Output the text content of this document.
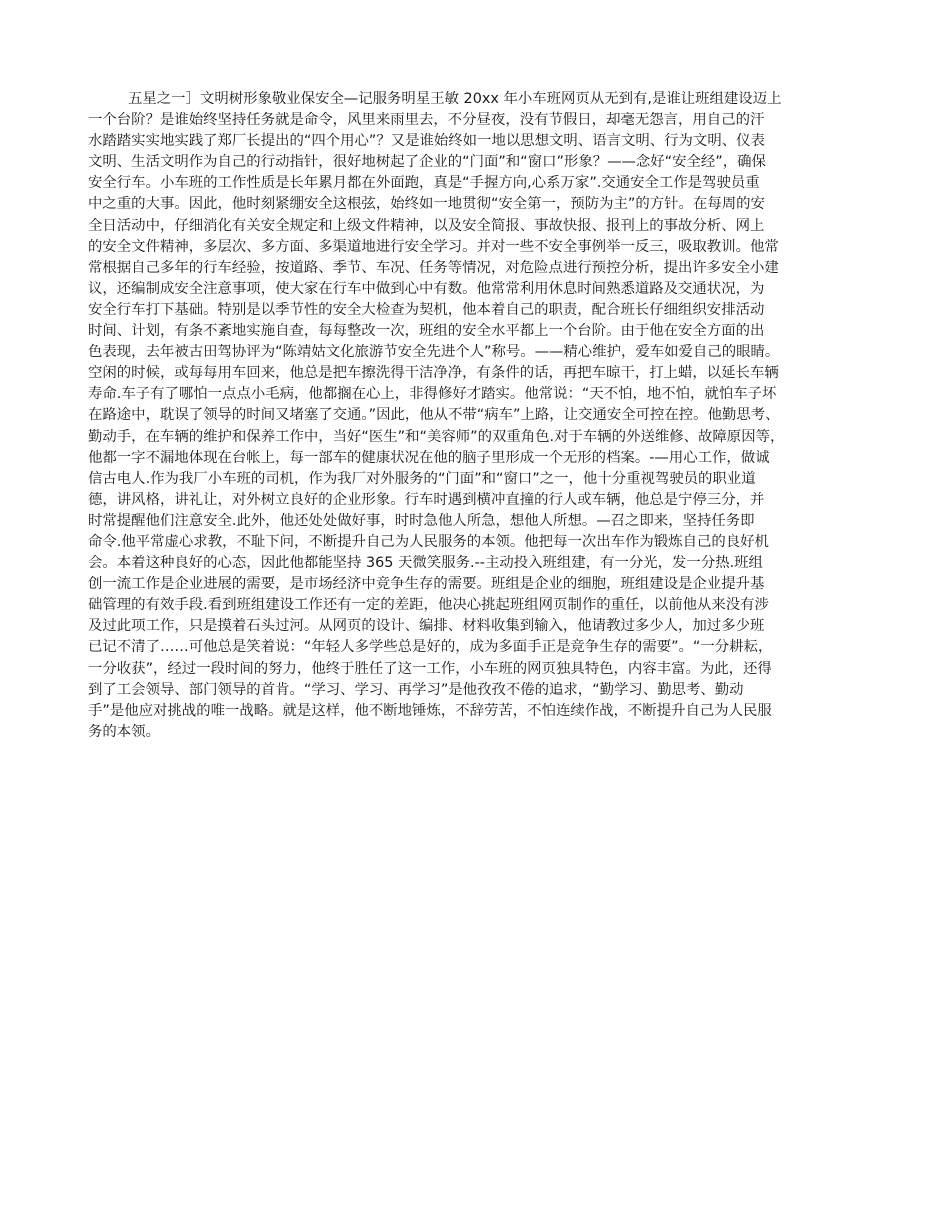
五星之一］文明树形象敬业保安全—记服务明星王敏 20xx 年小车班网页从无到有,是谁让班组建设迈上
一个台阶？是谁始终坚持任务就是命令，风里来雨里去，不分昼夜，没有节假日，却毫无怨言，用自己的汗
水踏踏实实地实践了郑厂长提出的“四个用心”？又是谁始终如一地以思想文明、语言文明、行为文明、仪表
文明、生活文明作为自己的行动指针，很好地树起了企业的“门面”和“窗口”形象？——念好“安全经”，确保
安全行车。小车班的工作性质是长年累月都在外面跑，真是“手握方向,心系万家”.交通安全工作是驾驶员重
中之重的大事。因此，他时刻紧绷安全这根弦，始终如一地贯彻“安全第一，预防为主”的方针。在每周的安
全日活动中，仔细消化有关安全规定和上级文件精神，以及安全简报、事故快报、报刊上的事故分析、网上
的安全文件精神，多层次、多方面、多渠道地进行安全学习。并对一些不安全事例举一反三，吸取教训。他常
常根据自己多年的行车经验，按道路、季节、车况、任务等情况，对危险点进行预控分析，提出许多安全小建
议，还编制成安全注意事项，使大家在行车中做到心中有数。他常常利用休息时间熟悉道路及交通状况，为
安全行车打下基础。特别是以季节性的安全大检查为契机，他本着自己的职责，配合班长仔细组织安排活动
时间、计划，有条不紊地实施自查，每每整改一次，班组的安全水平都上一个台阶。由于他在安全方面的出
色表现，去年被古田驾协评为“陈靖姑文化旅游节安全先进个人”称号。——精心维护，爱车如爱自己的眼睛。
空闲的时候，或每每用车回来，他总是把车擦洗得干洁净净，有条件的话，再把车晾干，打上蜡，以延长车辆
寿命.车子有了哪怕一点点小毛病，他都搁在心上，非得修好才踏实。他常说：“天不怕，地不怕，就怕车子坏
在路途中，耽误了领导的时间又堵塞了交通。”因此，他从不带“病车”上路，让交通安全可控在控。他勤思考、
勤动手，在车辆的维护和保养工作中，当好“医生”和“美容师”的双重角色.对于车辆的外送维修、故障原因等，
他都一字不漏地体现在台帐上，每一部车的健康状况在他的脑子里形成一个无形的档案。-—用心工作，做诚
信古电人.作为我厂小车班的司机，作为我厂对外服务的“门面”和“窗口”之一，他十分重视驾驶员的职业道
德，讲风格，讲礼让，对外树立良好的企业形象。行车时遇到横冲直撞的行人或车辆，他总是宁停三分，并
时常提醒他们注意安全.此外，他还处处做好事，时时急他人所急，想他人所想。—召之即来，坚持任务即
命令.他平常虚心求教，不耻下问，不断提升自己为人民服务的本领。他把每一次出车作为锻炼自己的良好机
会。本着这种良好的心态，因此他都能坚持 365 天微笑服务.--主动投入班组建，有一分光，发一分热.班组
创一流工作是企业进展的需要，是市场经济中竞争生存的需要。班组是企业的细胞，班组建设是企业提升基
础管理的有效手段.看到班组建设工作还有一定的差距，他决心挑起班组网页制作的重任，以前他从来没有涉
及过此项工作，只是摸着石头过河。从网页的设计、编排、材料收集到输入，他请教过多少人，加过多少班
已记不清了……可他总是笑着说：“年轻人多学些总是好的，成为多面手正是竞争生存的需要”。“一分耕耘，
一分收获”，经过一段时间的努力，他终于胜任了这一工作，小车班的网页独具特色，内容丰富。为此，还得
到了工会领导、部门领导的首肯。“学习、学习、再学习”是他孜孜不倦的追求，“勤学习、勤思考、勤动
手”是他应对挑战的唯一战略。就是这样，他不断地锤炼，不辞劳苦，不怕连续作战，不断提升自己为人民服
务的本领。
